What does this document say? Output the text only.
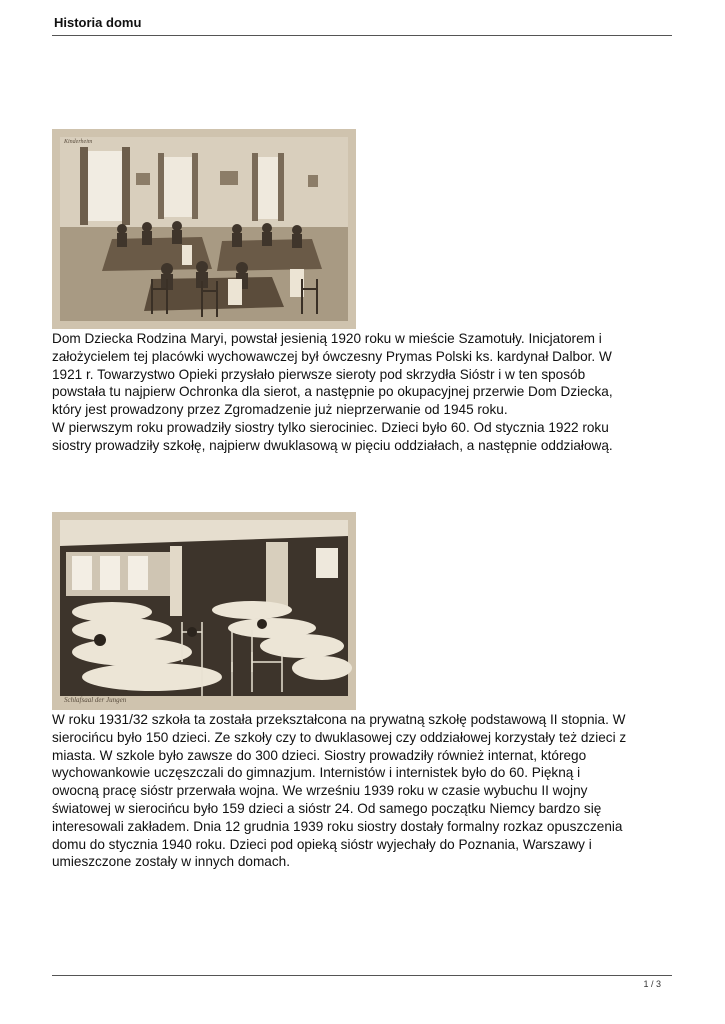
Historia domu
Kinderheim

Dom Dziecka Rodzina Maryi, powstał jesienią 1920 roku w mieście Szamotuły. Inicjatorem i
założycielem tej placówki wychowawczej był ówczesny Prymas Polski ks. kardynał Dalbor. W
1921 r. Towarzystwo Opieki przysłało pierwsze sieroty pod skrzydła Sióstr i w ten sposób
powstała tu najpierw Ochronka dla sierot, a następnie po okupacyjnej przerwie Dom Dziecka,
który jest prowadzony przez Zgromadzenie już nieprzerwanie od 1945 roku.
W pierwszym roku prowadziły siostry tylko sierociniec. Dzieci było 60. Od stycznia 1922 roku
siostry prowadziły szkołę, najpierw dwuklasową w pięciu oddziałach, a następnie oddziałową.

Schlafsaal der Jungen

W roku 1931/32 szkoła ta została przekształcona na prywatną szkołę podstawową II stopnia. W
sierocińcu było 150 dzieci. Ze szkoły czy to dwuklasowej czy oddziałowej korzystały też dzieci z
miasta. W szkole było zawsze do 300 dzieci. Siostry prowadziły również internat, którego
wychowankowie uczęszczali do gimnazjum. Internistów i internistek było do 60. Piękną i
owocną pracę sióstr przerwała wojna. We wrześniu 1939 roku w czasie wybuchu II wojny
światowej w sierocińcu było 159 dzieci a sióstr 24. Od samego początku Niemcy bardzo się
interesowali zakładem. Dnia 12 grudnia 1939 roku siostry dostały formalny rozkaz opuszczenia
domu do stycznia 1940 roku. Dzieci pod opieką sióstr wyjechały do Poznania, Warszawy i
umieszczone zostały w innych domach.

1 / 3
